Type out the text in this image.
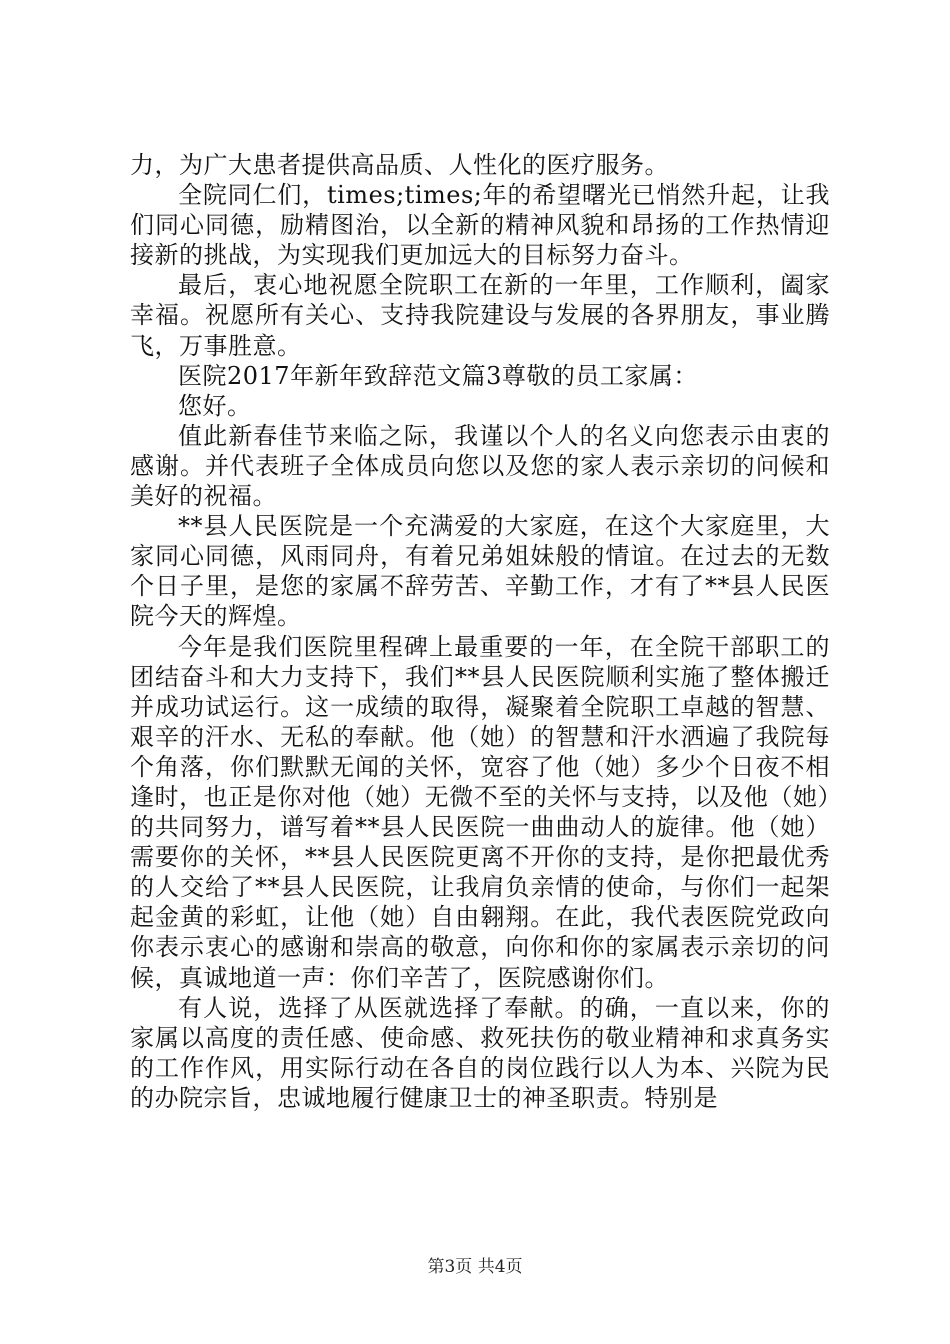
力，为广大患者提供高品质、人性化的医疗服务。

全院同仁们，times;times;年的希望曙光已悄然升起，让我们同心同德，励精图治，以全新的精神风貌和昂扬的工作热情迎接新的挑战，为实现我们更加远大的目标努力奋斗。

最后，衷心地祝愿全院职工在新的一年里，工作顺利，阖家幸福。祝愿所有关心、支持我院建设与发展的各界朋友，事业腾飞，万事胜意。

医院2017年新年致辞范文篇3尊敬的员工家属：

您好。

值此新春佳节来临之际，我谨以个人的名义向您表示由衷的感谢。并代表班子全体成员向您以及您的家人表示亲切的问候和美好的祝福。

**县人民医院是一个充满爱的大家庭，在这个大家庭里，大家同心同德，风雨同舟，有着兄弟姐妹般的情谊。在过去的无数个日子里，是您的家属不辞劳苦、辛勤工作，才有了**县人民医院今天的辉煌。

今年是我们医院里程碑上最重要的一年，在全院干部职工的团结奋斗和大力支持下，我们**县人民医院顺利实施了整体搬迁并成功试运行。这一成绩的取得，凝聚着全院职工卓越的智慧、艰辛的汗水、无私的奉献。他（她）的智慧和汗水洒遍了我院每个角落，你们默默无闻的关怀，宽容了他（她）多少个日夜不相逢时，也正是你对他（她）无微不至的关怀与支持，以及他（她）的共同努力，谱写着**县人民医院一曲曲动人的旋律。他（她）需要你的关怀，**县人民医院更离不开你的支持，是你把最优秀的人交给了**县人民医院，让我肩负亲情的使命，与你们一起架起金黄的彩虹，让他（她）自由翱翔。在此，我代表医院党政向你表示衷心的感谢和崇高的敬意，向你和你的家属表示亲切的问候，真诚地道一声：你们辛苦了，医院感谢你们。

有人说，选择了从医就选择了奉献。的确，一直以来，你的家属以高度的责任感、使命感、救死扶伤的敬业精神和求真务实的工作作风，用实际行动在各自的岗位践行以人为本、兴院为民的办院宗旨，忠诚地履行健康卫士的神圣职责。特别是

第3页 共4页
